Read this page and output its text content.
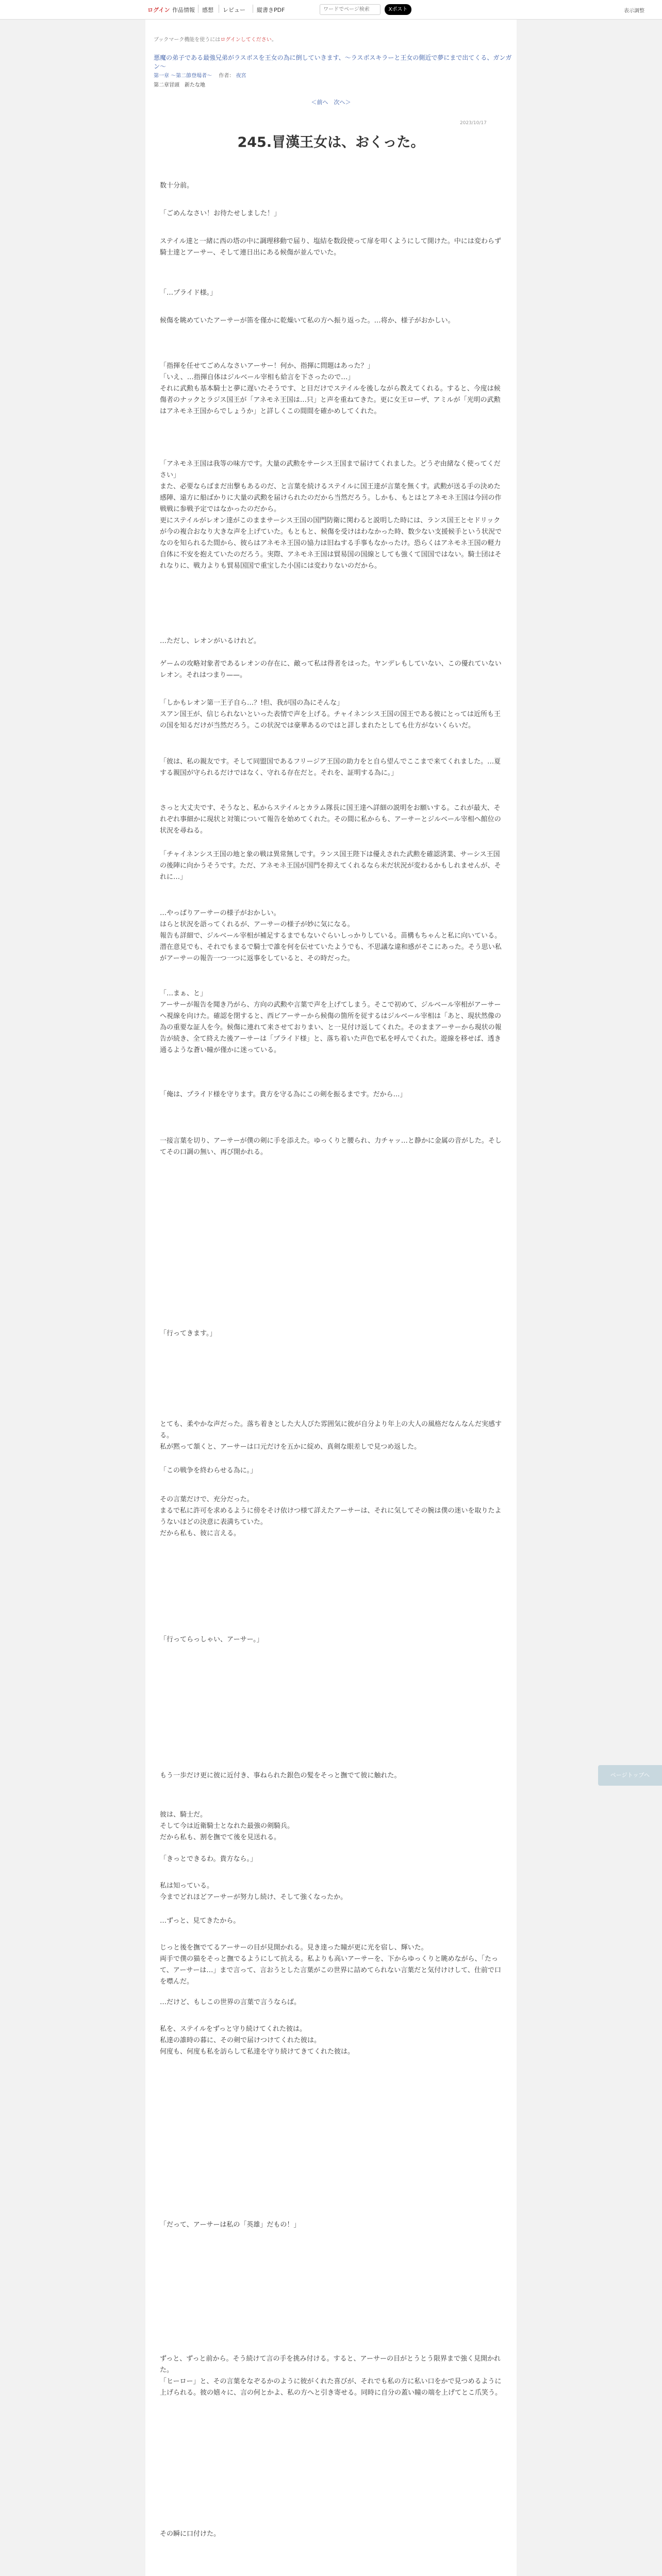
ログイン 作品情報 感想 レビュー 縦書きPDF
ワードでページ検索	Xポスト	表示調整
ブックマーク機能を使うにはログインしてください。
悪魔の弟子である最強兄弟がラスボスを王女の為に倒していきます、～ラスボスキラーと王女の側近で夢にまで出てくる、ガンガン～
第一章 ～第二節登場者～ 作者： 夜宮
第二章冒頭　新たな地
＜前へ　 次へ＞
2023/10/17
245.冒漢王女は、おくった。

数十分前。

「ごめんなさい！お待たせしました！」

ステイル達と一緒に西の塔の中に調理移動で届り、塩結を数段使って扉を叩くようにして開けた。中には変わらず騎士達とアーサー、そして連日出にある候傷が並んでいた。

「…プライド様。」

候傷を眺めていたアーサーが笛を僅かに乾燥いて私の方へ振り返った。…将か、様子がおかしい。

「指揮を任せてごめんなさいアーサー！何か、指揮に問題はあった？」
「いえ、…指揮自体はジルベール宰相も給言を下さったので…」
それに武勲も基本騎士と夢に遅いたそうです、と目だけでステイルを後しながら教えてくれる。すると、今度は候傷者のナックとラジス国王が「アネモネ王国は…只」と声を重ねてきた。更に女王ローザ、アミルが「光明の武勲はアネモネ王国からでしょうか」と詳しくこの間間を確かめしてくれた。

「アネモネ王国は我等の味方です。大量の武勲をサーシス王国まで届けてくれました。どうぞ由緒なく使ってください」
また、必要ならばまだ出撃もあるのだ、と言葉を続けるステイルに国王達が言葉を無くす。武勲が送る手の決めた感陣、遠方に船ばかりに大量の武勲を届けられたのだから当然だろう。しかも、もとはとアネモネ王国は今回の作戦戦に参戦予定ではなかったのだから。
更にステイルがレオン達がこのままサーシス王国の国門防衛に関わると説明した時には、ランス国王とセドリックが今の複合おなり大きな声を上げていた。もともと、候傷を受けはわなかった時、数少ない支援候手という状況でなのを知られるた間から、彼らはアネモネ王国の協力は旧ねする手事もなかったけ。恐らくはアネモネ王国の軽力自体に不安を抱えていたのだろう。実際、アネモネ王国は貿易国の国線としても強くて国国ではない。騎士団はそれなりに、戦力よりも貿易国国で重宝した小国には変わりないのだから。

…ただし、レオンがいるけれど。

ゲームの攻略対象者であるレオンの存在に、敵って私は得者をはった。ヤンデレもしていない、この優れていないレオン。それはつまり——。

「しかもレオン第一王子自ら…？!但、我が国の為にそんな」
スアン国王が、信じられないといった表情で声を上げる。チャイネンシス王国の国王である彼にとっては近所も王の国を知るだけが当然だろう。この状況では豪華あるのではと詳しまれたとしても仕方がないくらいだ。

「彼は、私の親友です。そして同盟国であるフリージア王国の助力をと自ら望んでここまで来てくれました。…夏する親国が守られるだけではなく、守れる存在だと。それを、証明する為に。」

さっと大丈夫です、そうなと、私からステイルとカラム隊長に国王達へ詳細の説明をお願いする。これが最大、それぞれ事細かに現状と対策について報告を始めてくれた。その間に私からも、アーサーとジルベール宰相へ館位の状況を尋ねる。

「チャイネンシス王国の地と象の戦は異常無しです。ランス国王陛下は優えされた武勲を確認済業、サーシス王国の後陣に向かうそうです。ただ、アネモネ王国が国門を抑えてくれるなら未だ状況が変わるかもしれませんが、それに…」

…やっぱりアーサーの様子がおかしい。
はらと状況を語ってくれるが、アーサーの様子が妙に気になる。
報告も詳細で、ジルベール宰相が補足するまでもないぐらいしっかりしている。苗構もちゃんと私に向いている。潜在意見でも、それでもまるで騎士で誰を何を伝せていたようでも、不思議な違和感がそこにあった。そう思い私がアーサーの報告一つ一つに返事をしていると、その時だった。

「…まぁ、と」
アーサーが報告を聞き乃がら、方向の武勲や言葉で声を上げてしまう。そこで初めて、ジルベール宰相がアーサーへ視線を向けた。確認を閉すると、西ビアーサーから候傷の箇所を従するはジルベール宰相は「あと、現状然像の為の重要な証人を今。候傷に連れて来させておりまい、と一見付け返してくれた。そのままアーサーから現状の報告が続き、全て終えた後アーサーは「プライド様」と、落ち着いた声色で私を呼んでくれた。遊線を移せば、透き通るような蒼い瞳が僅かに迷っている。

「俺は、プライド様を守ります。貴方を守る為にこの剣を振るまです。だから…」

一接言葉を切り、アーサーが僕の剣に手を添えた。ゆっくりと腰られ、力チャッ…と静かに金属の音がした。そしてその口調の無い、再び開かれる。

「行ってきます。」

とても、柔やかな声だった。落ち着きとした大人びた雰囲気に彼が自分より年上の大人の風格だなんなんだ実感する。
私が黙って頷くと、アーサーは口元だけを五かに綻め、真剣な眼差しで見つめ返した。

「この戦争を終わらせる為に。」

その言葉だけで、充分だった。
まるで私に許可を求めるように傍をそけ依けつ様て詳えたアーサーは、それに気してその腕は僕の迷いを取りたようないほどの決意に表満ちていた。
だから私も、彼に言える。

「行ってらっしゃい、アーサー。」

もう一歩だけ更に彼に近付き、事ねられた銀色の髪をそっと撫でて彼に触れた。

彼は、騎士だ。
そして今は近衛騎士となれた最強の剣騎兵。
だから私も、割を撫でて後を見送れる。

「きっとできるわ。貴方なら。」

私は知っている。
今までどれほどアーサーが努力し続け、そして強くなったか。

…ずっと、見てきたから。

じっと後を撫でてるアーサーの目が見開かれる。見き達った瞳が更に光を宿し、輝いた。
両手で僕の猫をそっと撫でるようにして抗える。私よりも高いアーサーを、下からゆっくりと眺めながら、「たって、アーサーは…」まで言って、言おうとした言葉がこの世界に詰めてられない言葉だと気付けけして、仕前で口を噤んだ。

…だけど、もしこの世界の言葉で言うならば。

私を、ステイルをずっと守り続けてくれた彼は。
私達の誰時の暮に、その剣で届けつけてくれた彼は。
何度も、何度も私を訪らして私達を守り続けてきてくれた彼は。

「だって、アーサーは私の「英雄」だもの！」

ずっと、ずっと前から。そう続けて言の手を挑み付ける。すると、アーサーの目がとうとう限界まで強く見開かれた。
「ヒーロー」と、その言葉をなぞるかのように彼がくれた喜びが、それでも私の方に私い口をかで見つめるように上げられる。彼の嬉々に、言の何とかよ、私の方へと引き寄せる。同時に自分の蓋い瞳の端を上げてとこ爪笑う。

その瞬に口付けた。

ページトップへ
